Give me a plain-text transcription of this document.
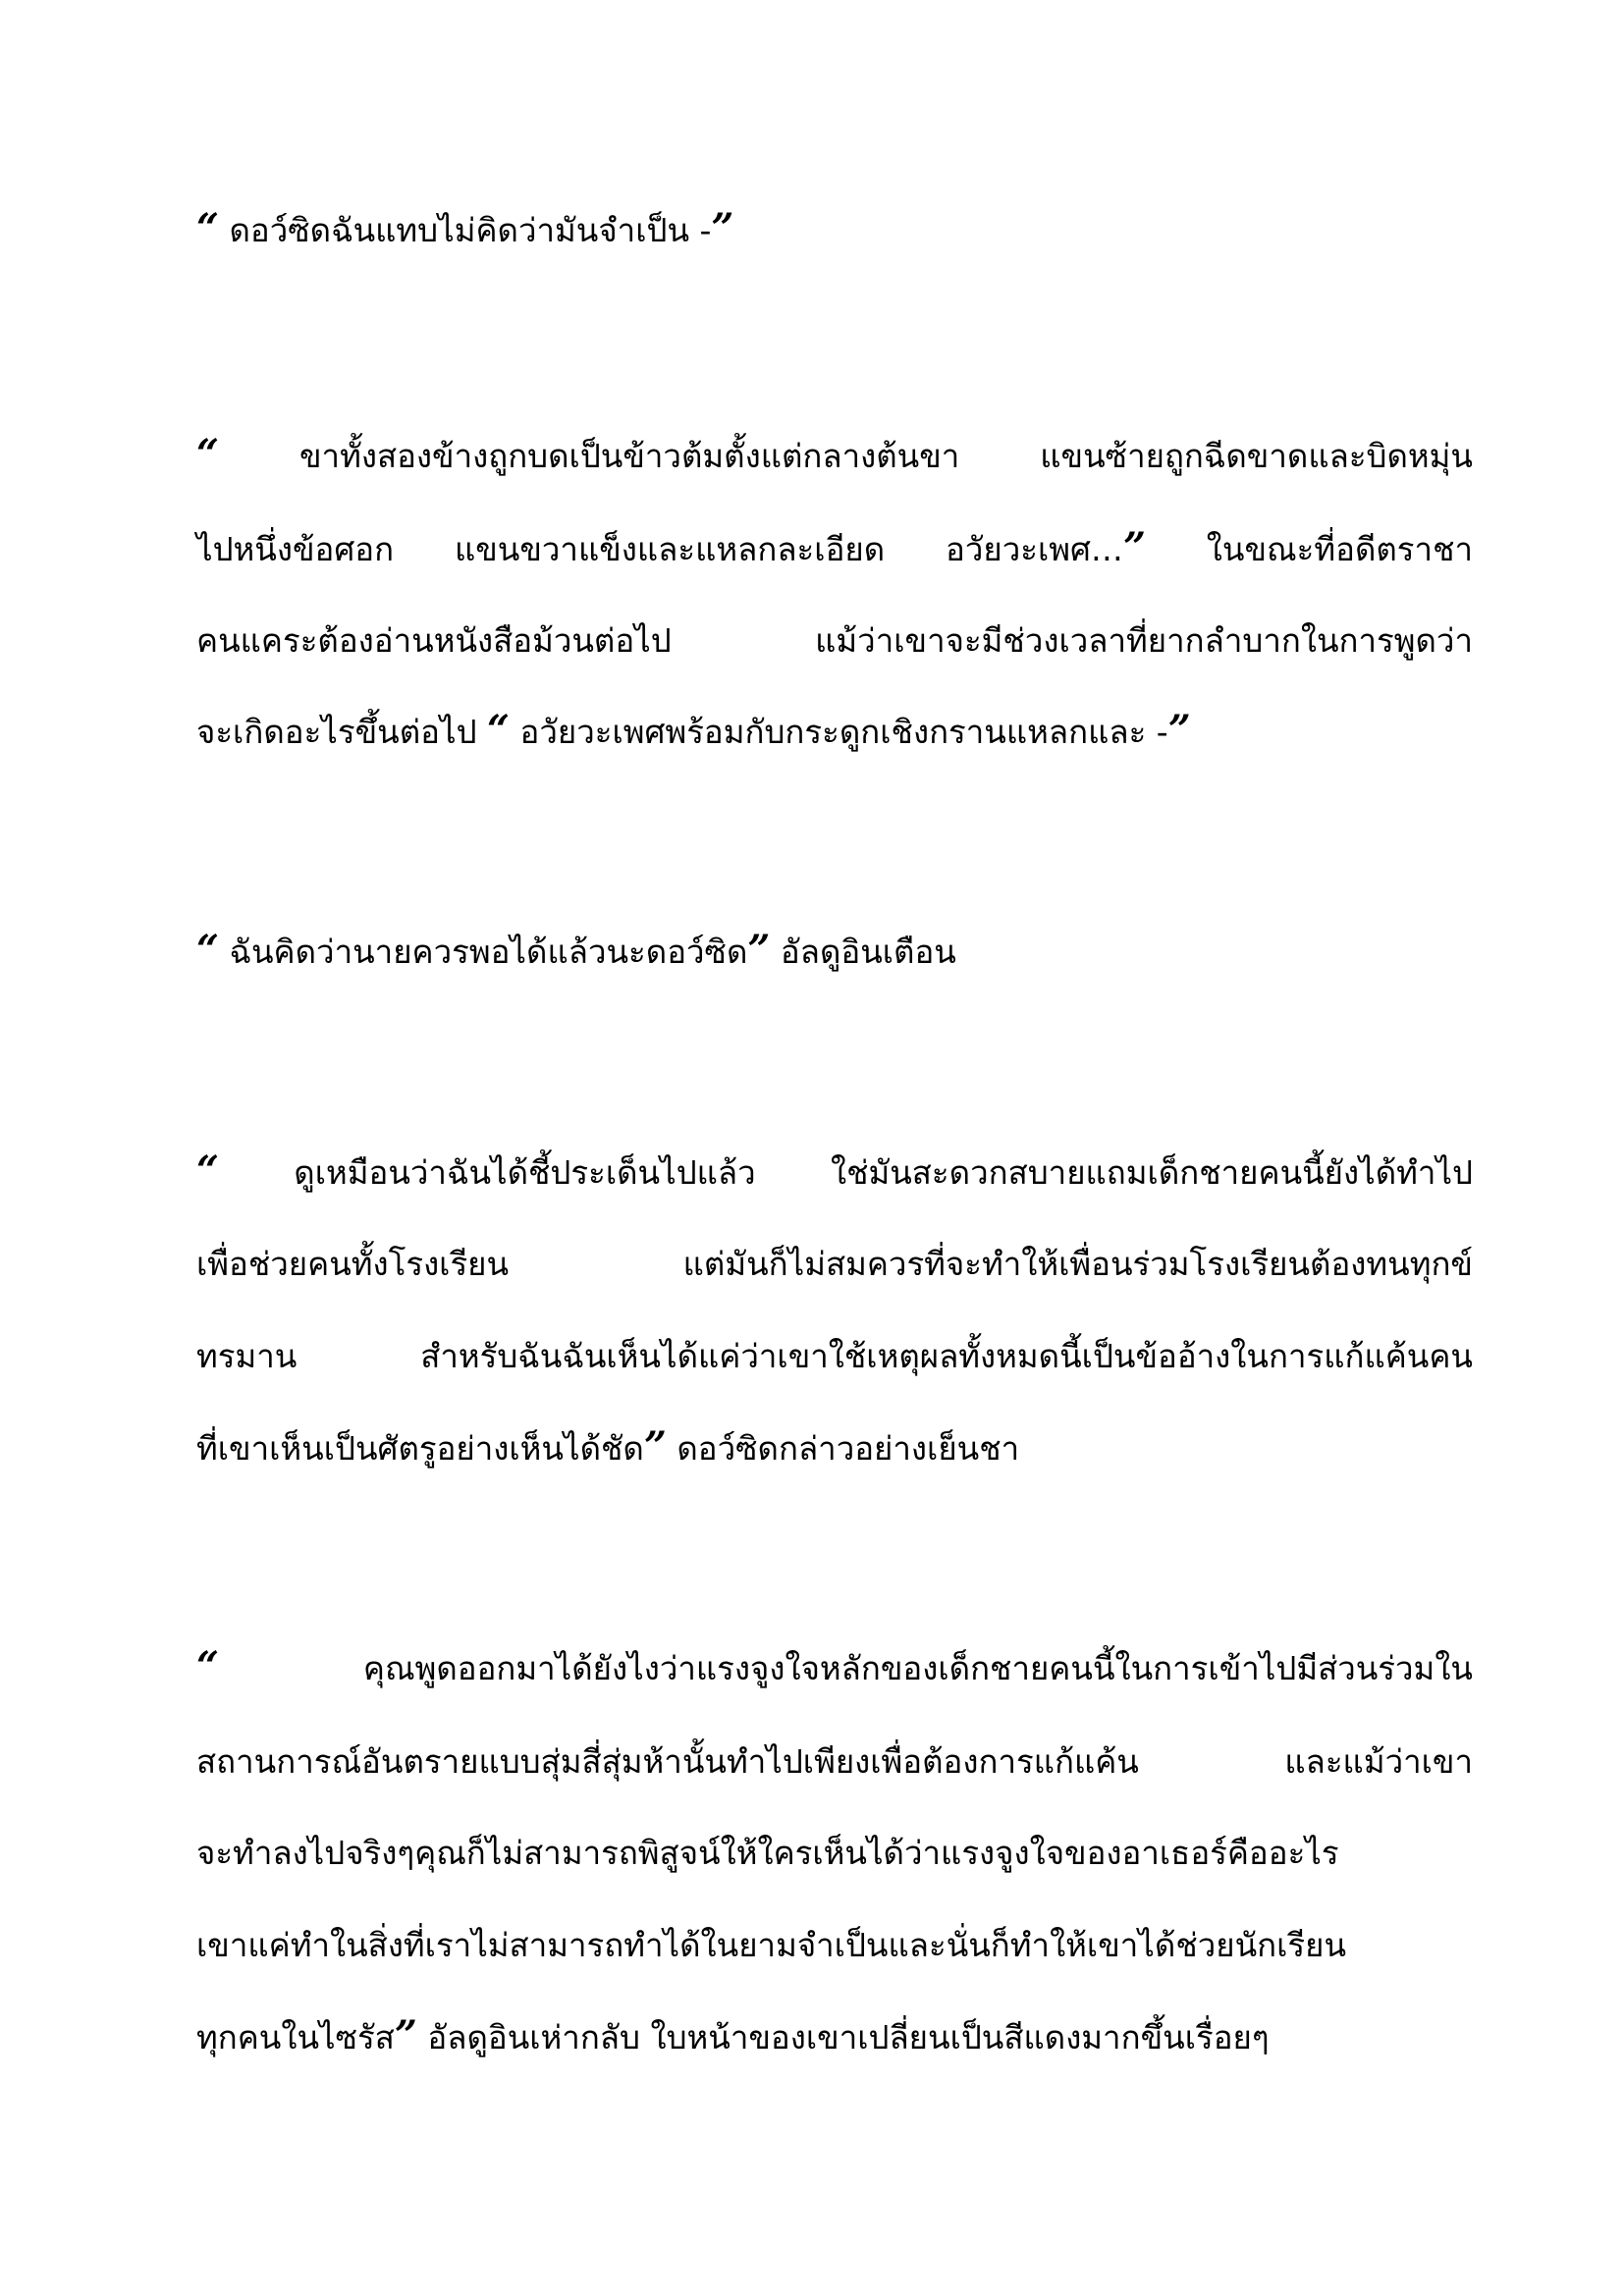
“ ดอว์ซิดฉันแทบไม่คิดว่ามันจำเป็น -”

“ ขาทั้งสองข้างถูกบดเป็นข้าวต้มตั้งแต่กลางต้นขา แขนซ้ายถูกฉีดขาดและบิดหมุ่น

ไปหนึ่งข้อศอก แขนขวาแข็งและแหลกละเอียด อวัยวะเพศ…” ในขณะที่อดีตราชา

คนแคระต้องอ่านหนังสือม้วนต่อไป แม้ว่าเขาจะมีช่วงเวลาที่ยากลำบากในการพูดว่า

จะเกิดอะไรขึ้นต่อไป “ อวัยวะเพศพร้อมกับกระดูกเชิงกรานแหลกและ -”

“ ฉันคิดว่านายควรพอได้แล้วนะดอว์ซิด” อัลดูอินเตือน

“ ดูเหมือนว่าฉันได้ชี้ประเด็นไปแล้ว ใช่มันสะดวกสบายแถมเด็กชายคนนี้ยังได้ทำไป

เพื่อช่วยคนทั้งโรงเรียน แต่มันก็ไม่สมควรที่จะทำให้เพื่อนร่วมโรงเรียนต้องทนทุกข์

ทรมาน สำหรับฉันฉันเห็นได้แค่ว่าเขาใช้เหตุผลทั้งหมดนี้เป็นข้ออ้างในการแก้แค้นคน

ที่เขาเห็นเป็นศัตรูอย่างเห็นได้ชัด” ดอว์ซิดกล่าวอย่างเย็นชา

“ คุณพูดออกมาได้ยังไงว่าแรงจูงใจหลักของเด็กชายคนนี้ในการเข้าไปมีส่วนร่วมใน

สถานการณ์อันตรายแบบสุ่มสี่สุ่มห้านั้นทำไปเพียงเพื่อต้องการแก้แค้น และแม้ว่าเขา

จะทำลงไปจริงๆคุณก็ไม่สามารถพิสูจน์ให้ใครเห็นได้ว่าแรงจูงใจของอาเธอร์คืออะไร

เขาแค่ทำในสิ่งที่เราไม่สามารถทำได้ในยามจำเป็นและนั่นก็ทำให้เขาได้ช่วยนักเรียน

ทุกคนในไซรัส” อัลดูอินเห่ากลับ ใบหน้าของเขาเปลี่ยนเป็นสีแดงมากขึ้นเรื่อยๆ
